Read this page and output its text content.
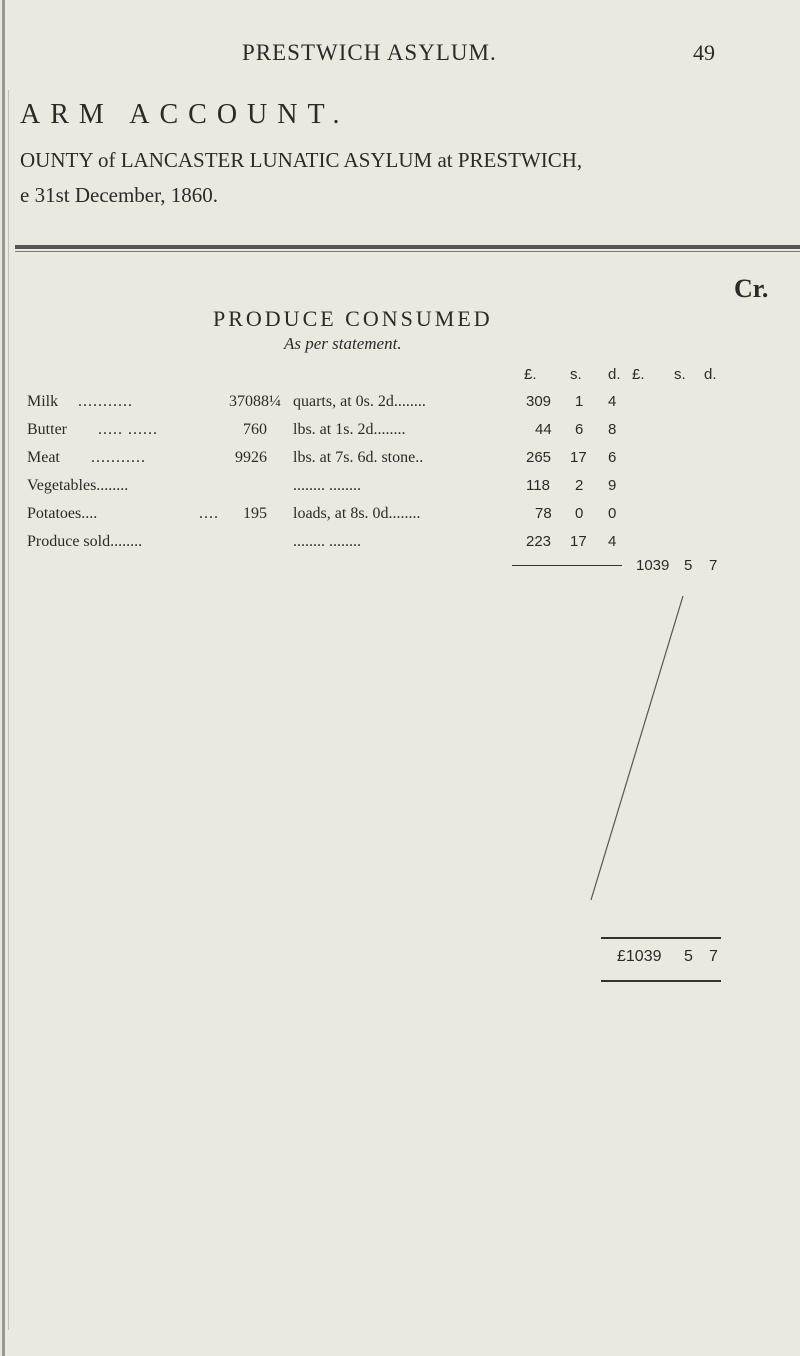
PRESTWICH ASYLUM.	49
ARM ACCOUNT.
OUNTY of LANCASTER LUNATIC ASYLUM at PRESTWICH,
e 31st December, 1860.
Cr.
PRODUCE CONSUMED
As per statement.
£. s. d. £. s. d.
Milk ...........	37088¼ quarts, at 0s. 2d........	309 1 4
Butter ..... ......	760 lbs. at 1s. 2d........	44 6 8
Meat ...........	9926 lbs. at 7s. 6d. stone..	265 17 6
Vegetables........	........ ........	118 2 9
Potatoes....	.... 195 loads, at 8s. 0d........	78 0 0
Produce sold........	........ ........	223 17 4
1039 5 7
£1039 5 7
